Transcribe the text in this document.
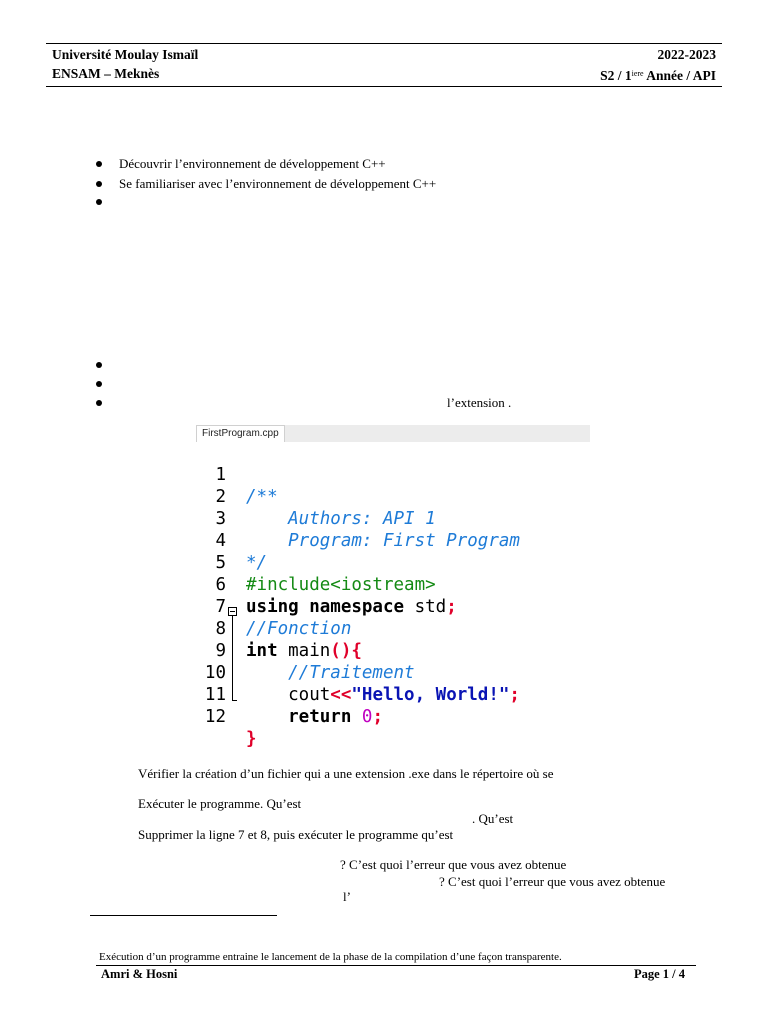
Université Moulay Ismaïl
ENSAM – Meknès
2022-2023
$S2 / 1^{iere}$ Année / API
Découvrir l’environnement de développement C++
Se familiariser avec l’environnement de développement C++
l’extension .
FirstProgram.cpp

1

/**

2

Authors: API 1

3

Program: First Program

4

*/

5

#include<iostream>

6

using namespace std;

7

//Fonction

8

int main(){

9

//Traitement

10

cout<<"Hello, World!";

11

return 0;

12

}

Vérifier la création d’un fichier qui a une extension .exe dans le répertoire où se
Exécuter le programme. Qu’est
. Qu’est
Supprimer la ligne 7 et 8, puis exécuter le programme qu’est
? C’est quoi l’erreur que vous avez obtenue
? C’est quoi l’erreur que vous avez obtenue
l’
Exécution d’un programme entraine le lancement de la phase de la compilation d’une façon transparente.
Amri & Hosni	Page 1 / 4
